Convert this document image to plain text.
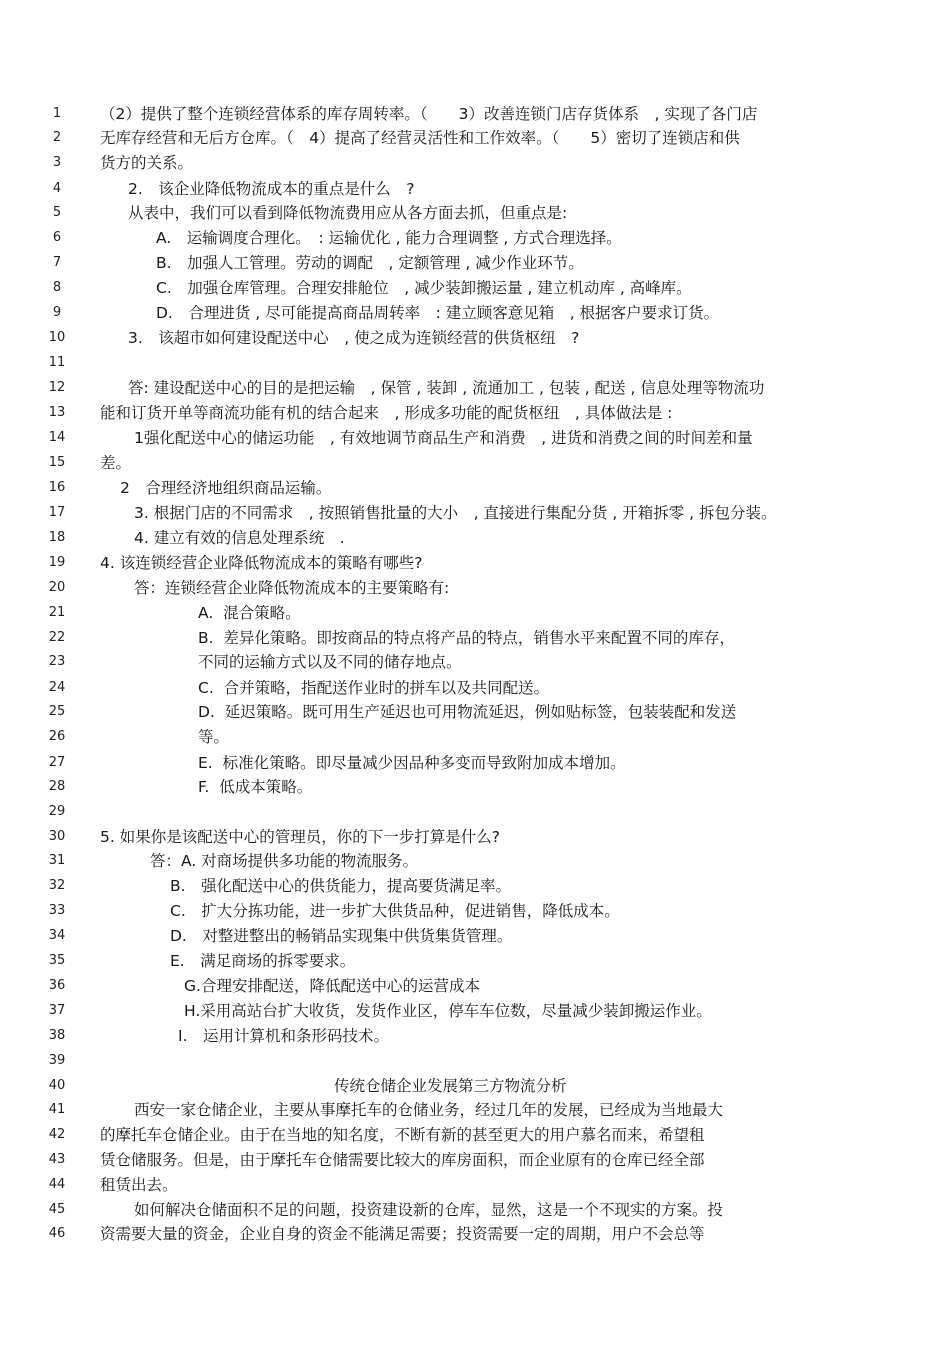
1	（2）提供了整个连锁经营体系的库存周转率。（　　3）改善连锁门店存货体系　, 实现了各门店
2	无库存经营和无后方仓库。（　4）提高了经营灵活性和工作效率。（　　5）密切了连锁店和供
3	货方的关系。
4	2.　该企业降低物流成本的重点是什么　?
5	从表中，我们可以看到降低物流费用应从各方面去抓，但重点是:
6	A.　运输调度合理化。　: 运输优化 , 能力合理调整 , 方式合理选择。
7	B.　加强人工管理。劳动的调配　, 定额管理 , 减少作业环节。
8	C.　加强仓库管理。合理安排舱位　, 减少装卸搬运量 , 建立机动库 , 高峰库。
9	D.　合理进货 , 尽可能提高商品周转率　: 建立顾客意见箱　, 根据客户要求订货。
10	3.　该超市如何建设配送中心　, 使之成为连锁经营的供货枢纽　?
11
12	答: 建设配送中心的目的是把运输　, 保管 , 装卸 , 流通加工 , 包装 , 配送 , 信息处理等物流功
13	能和订货开单等商流功能有机的结合起来　, 形成多功能的配货枢纽　, 具体做法是 :
14	1强化配送中心的储运功能　, 有效地调节商品生产和消费　, 进货和消费之间的时间差和量
15	差。
16	2　合理经济地组织商品运输。
17	3. 根据门店的不同需求　, 按照销售批量的大小　, 直接进行集配分货 , 开箱拆零 , 拆包分装。
18	4. 建立有效的信息处理系统　.
19	4. 该连锁经营企业降低物流成本的策略有哪些?
20	答：连锁经营企业降低物流成本的主要策略有:
21	A.  混合策略。
22	B.  差异化策略。即按商品的特点将产品的特点，销售水平来配置不同的库存，
23	不同的运输方式以及不同的储存地点。
24	C.  合并策略，指配送作业时的拼车以及共同配送。
25	D.  延迟策略。既可用生产延迟也可用物流延迟，例如贴标签，包装装配和发送
26	等。
27	E.  标准化策略。即尽量减少因品种多变而导致附加成本增加。
28	F.  低成本策略。
29
30	5. 如果你是该配送中心的管理员，你的下一步打算是什么?
31	答：A. 对商场提供多功能的物流服务。
32	B.　强化配送中心的供货能力，提高要货满足率。
33	C.　扩大分拣功能，进一步扩大供货品种，促进销售，降低成本。
34	D.　对整进整出的畅销品实现集中供货集货管理。
35	E.　满足商场的拆零要求。
36	G.合理安排配送，降低配送中心的运营成本
37	H.采用高站台扩大收货，发货作业区，停车车位数，尽量减少装卸搬运作业。
38	I.　运用计算机和条形码技术。
39
40	传统仓储企业发展第三方物流分析
41	西安一家仓储企业，主要从事摩托车的仓储业务，经过几年的发展，已经成为当地最大
42	的摩托车仓储企业。由于在当地的知名度，不断有新的甚至更大的用户慕名而来，希望租
43	赁仓储服务。但是，由于摩托车仓储需要比较大的库房面积，而企业原有的仓库已经全部
44	租赁出去。
45	如何解决仓储面积不足的问题，投资建设新的仓库，显然，这是一个不现实的方案。投
46	资需要大量的资金，企业自身的资金不能满足需要；投资需要一定的周期，用户不会总等
